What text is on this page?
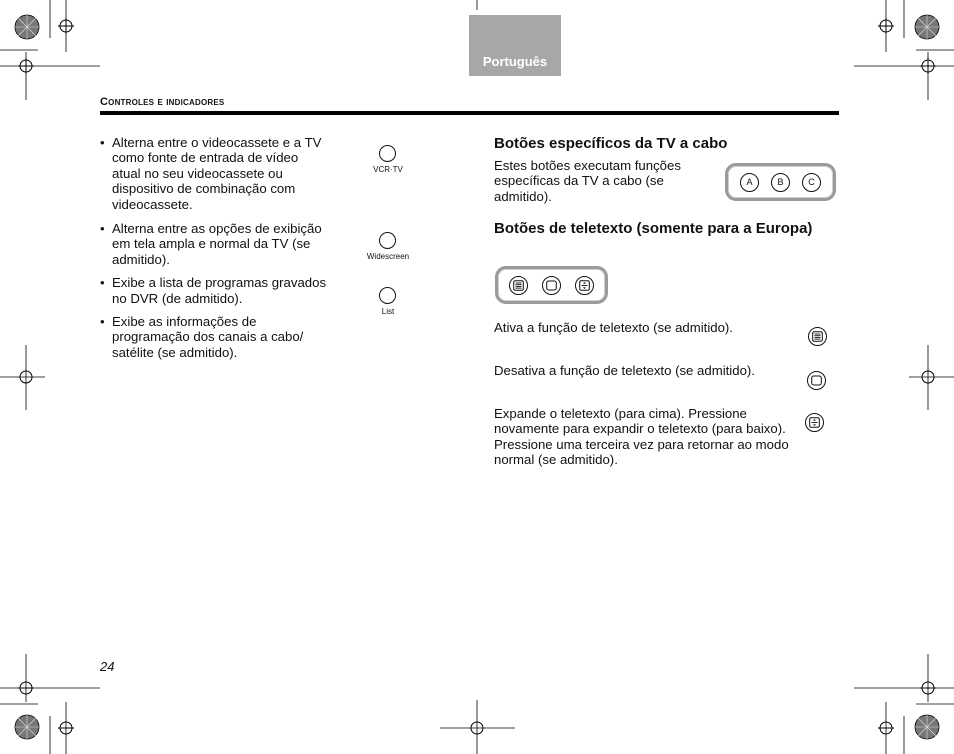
Português
Controles e indicadores
• Alterna entre o videocassete e a TV como fonte de entrada de vídeo atual no seu videocassete ou dispositivo de combinação com videocassete.
• Alterna entre as opções de exibição em tela ampla e normal da TV (se admitido).
• Exibe a lista de programas gravados no DVR (de admitido).
• Exibe as informações de programação dos canais a cabo/ satélite (se admitido).
VCR·TV
Widescreen
List
Botões específicos da TV a cabo
Estes botões executam funções específicas da TV a cabo (se admitido).
A	B	C
Botões de teletexto (somente para a Europa)
Ativa a função de teletexto (se admitido).
Desativa a função de teletexto (se admitido).
Expande o teletexto (para cima). Pressione novamente para expandir o teletexto (para baixo). Pressione uma terceira vez para retornar ao modo normal (se admitido).
24
